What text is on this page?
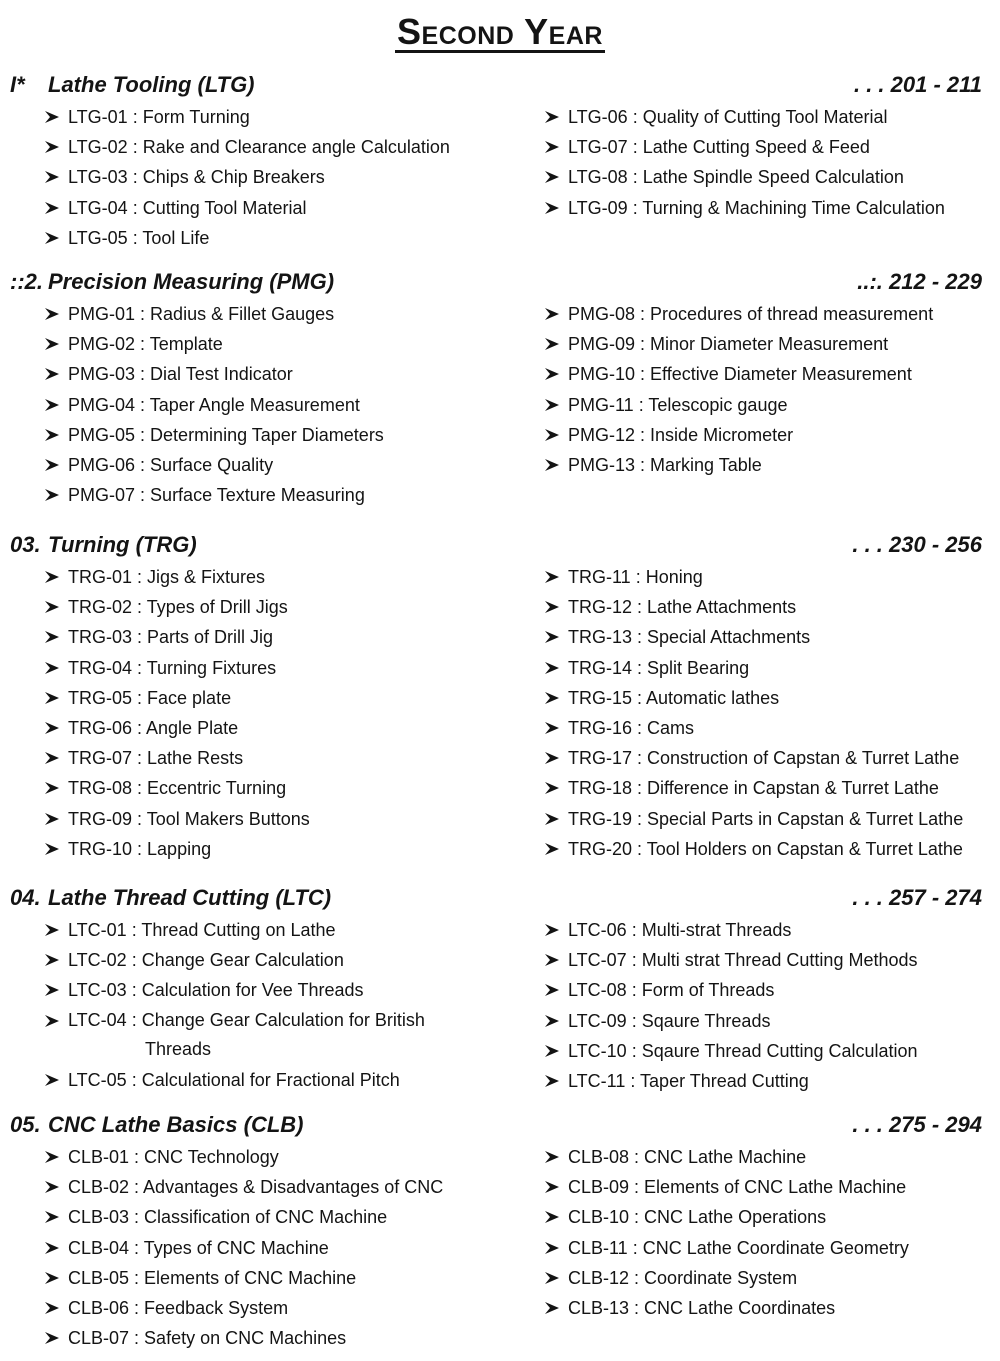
Second Year
I* Lathe Tooling (LTG)	. . . 201 - 211
LTG-01 : Form Turning
LTG-02 : Rake and Clearance angle Calculation
LTG-03 : Chips & Chip Breakers
LTG-04 : Cutting Tool Material
LTG-05 : Tool Life
LTG-06 : Quality of Cutting Tool Material
LTG-07 : Lathe Cutting Speed & Feed
LTG-08 : Lathe Spindle Speed Calculation
LTG-09 : Turning & Machining Time Calculation
::2. Precision Measuring (PMG)	..:. 212 - 229
PMG-01 : Radius & Fillet Gauges
PMG-02 : Template
PMG-03 : Dial Test Indicator
PMG-04 : Taper Angle Measurement
PMG-05 : Determining Taper Diameters
PMG-06 : Surface Quality
PMG-07 : Surface Texture Measuring
PMG-08 : Procedures of thread measurement
PMG-09 : Minor Diameter Measurement
PMG-10 : Effective Diameter Measurement
PMG-11 : Telescopic gauge
PMG-12 : Inside Micrometer
PMG-13 : Marking Table
03. Turning (TRG)	. . . 230 - 256
TRG-01 : Jigs & Fixtures
TRG-02 : Types of Drill Jigs
TRG-03 : Parts of Drill Jig
TRG-04 : Turning Fixtures
TRG-05 : Face plate
TRG-06 : Angle Plate
TRG-07 : Lathe Rests
TRG-08 : Eccentric Turning
TRG-09 : Tool Makers Buttons
TRG-10 : Lapping
TRG-11 : Honing
TRG-12 : Lathe Attachments
TRG-13 : Special Attachments
TRG-14 : Split Bearing
TRG-15 : Automatic lathes
TRG-16 : Cams
TRG-17 : Construction of Capstan & Turret Lathe
TRG-18 : Difference in Capstan & Turret Lathe
TRG-19 : Special Parts in Capstan & Turret Lathe
TRG-20 : Tool Holders on Capstan & Turret Lathe
04. Lathe Thread Cutting (LTC)	. . . 257 - 274
LTC-01 : Thread Cutting on Lathe
LTC-02 : Change Gear Calculation
LTC-03 : Calculation for Vee Threads
LTC-04 : Change Gear Calculation for British
Threads
LTC-05 : Calculational for Fractional Pitch
LTC-06 : Multi-strat Threads
LTC-07 : Multi strat Thread Cutting Methods
LTC-08 : Form of Threads
LTC-09 : Sqaure Threads
LTC-10 : Sqaure Thread Cutting Calculation
LTC-11 : Taper Thread Cutting
05. CNC Lathe Basics (CLB)	. . . 275 - 294
CLB-01 : CNC Technology
CLB-02 : Advantages & Disadvantages of CNC
CLB-03 : Classification of CNC Machine
CLB-04 : Types of CNC Machine
CLB-05 : Elements of CNC Machine
CLB-06 : Feedback System
CLB-07 : Safety on CNC Machines
CLB-08 : CNC Lathe Machine
CLB-09 : Elements of CNC Lathe Machine
CLB-10 : CNC Lathe Operations
CLB-11 : CNC Lathe Coordinate Geometry
CLB-12 : Coordinate System
CLB-13 : CNC Lathe Coordinates
